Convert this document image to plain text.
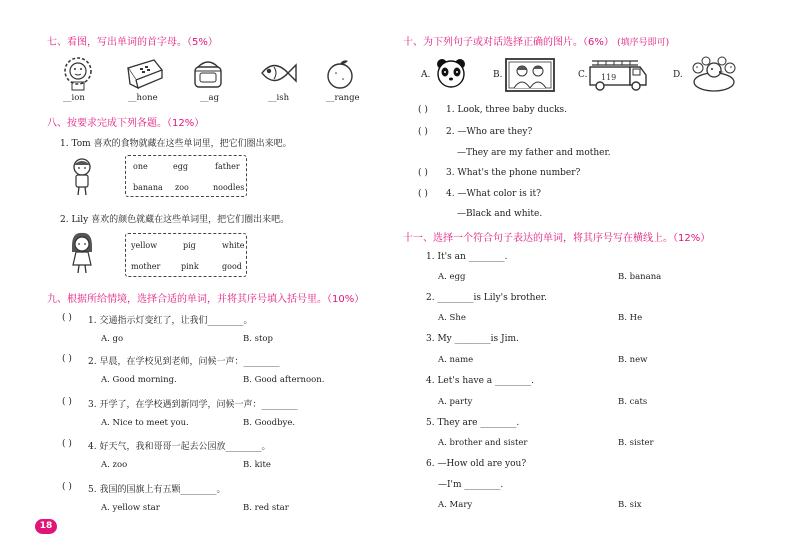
七、看图，写出单词的首字母。（5%）
__ion	__hone	__ag	__ish	__range
八、按要求完成下列各题。（12%）
1. Tom 喜欢的食物就藏在这些单词里，把它们圈出来吧。
one	egg	father
banana zoo	noodles
2. Lily 喜欢的颜色就藏在这些单词里，把它们圈出来吧。
yellow	pig	white
mother	pink	good
九、根据所给情境，选择合适的单词，并将其序号填入括号里。（10%）
( ) 1. 交通指示灯变红了，让我们________。
A. go	B. stop
( ) 2. 早晨，在学校见到老师，问候一声：________
A. Good morning.	B. Good afternoon.
( ) 3. 开学了，在学校遇到新同学，问候一声：________
A. Nice to meet you.	B. Goodbye.
( ) 4. 好天气，我和哥哥一起去公园放________。
A. zoo	B. kite
( ) 5. 我国的国旗上有五颗________。
A. yellow star	B. red star
18
十、为下列句子或对话选择正确的图片。（6%） (填序号即可)
A.	B.	C. 119	D.
( ) 1. Look, three baby ducks.
( ) 2. —Who are they?
—They are my father and mother.
( ) 3. What's the phone number?
( ) 4. —What color is it?
—Black and white.
十一、选择一个符合句子表达的单词，将其序号写在横线上。（12%）
1. It's an ________.
A. egg	B. banana
2. ________is Lily's brother.
A. She	B. He
3. My ________is Jim.
A. name	B. new
4. Let's have a ________.
A. party	B. cats
5. They are ________.
A. brother and sister	B. sister
6. —How old are you?
—I'm ________.
A. Mary	B. six
